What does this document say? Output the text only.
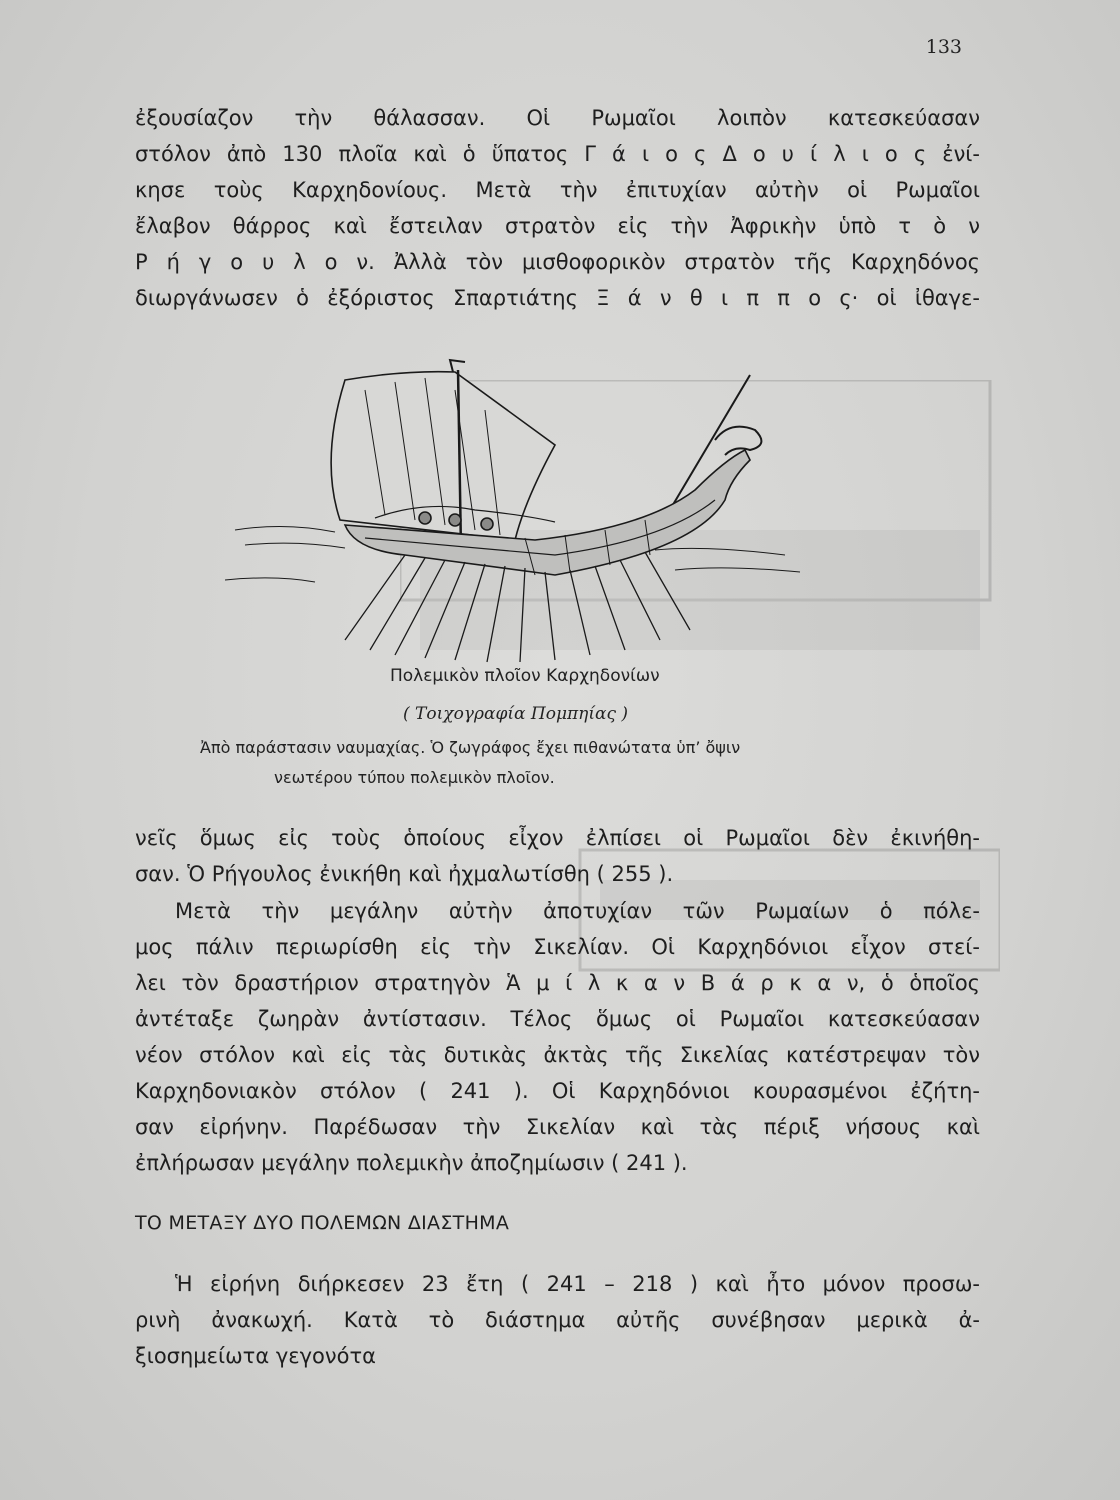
133

ἐξουσίαζον τὴν θάλασσαν. Οἱ Ρωμαῖοι λοιπὸν κατεσκεύασαν
στόλον ἀπὸ 130 πλοῖα καὶ ὁ ὕπατος Γ ά ι ο ς Δ ο υ ί λ ι ο ς ἐνί-
κησε τοὺς Καρχηδονίους. Μετὰ τὴν ἐπιτυχίαν αὐτὴν οἱ Ρωμαῖοι
ἔλαβον θάρρος καὶ ἔστειλαν στρατὸν εἰς τὴν Ἀφρικὴν ὑπὸ τ ὸ ν
Ρ ή γ ο υ λ ο ν. Ἀλλὰ τὸν μισθοφορικὸν στρατὸν τῆς Καρχηδόνος
διωργάνωσεν ὁ ἐξόριστος Σπαρτιάτης Ξ ά ν θ ι π π ο ς· οἱ ἰθαγε-

Πολεμικὸν πλοῖον Καρχηδονίων
( Τοιχογραφία Πομπηίας )
Ἀπὸ παράστασιν ναυμαχίας. Ὁ ζωγράφος ἔχει πιθανώτατα ὑπ’ ὄψιν
νεωτέρου τύπου πολεμικὸν πλοῖον.

νεῖς ὅμως εἰς τοὺς ὁποίους εἶχον ἐλπίσει οἱ Ρωμαῖοι δὲν ἐκινήθη-
σαν. Ὁ Ρήγουλος ἐνικήθη καὶ ἠχμαλωτίσθη ( 255 ).

Μετὰ τὴν μεγάλην αὐτὴν ἀποτυχίαν τῶν Ρωμαίων ὁ πόλε-
μος πάλιν περιωρίσθη εἰς τὴν Σικελίαν. Οἱ Καρχηδόνιοι εἶχον στεί-
λει τὸν δραστήριον στρατηγὸν Ἁ μ ί λ κ α ν Β ά ρ κ α ν, ὁ ὁποῖος
ἀντέταξε ζωηρὰν ἀντίστασιν. Τέλος ὅμως οἱ Ρωμαῖοι κατεσκεύασαν
νέον στόλον καὶ εἰς τὰς δυτικὰς ἀκτὰς τῆς Σικελίας κατέστρεψαν τὸν
Καρχηδονιακὸν στόλον ( 241 ). Οἱ Καρχηδόνιοι κουρασμένοι ἐζήτη-
σαν εἰρήνην. Παρέδωσαν τὴν Σικελίαν καὶ τὰς πέριξ νήσους καὶ
ἐπλήρωσαν μεγάλην πολεμικὴν ἀποζημίωσιν ( 241 ).

ΤΟ ΜΕΤΑΞΥ ΔΥΟ ΠΟΛΕΜΩΝ ΔΙΑΣΤΗΜΑ

Ἡ εἰρήνη διήρκεσεν 23 ἔτη ( 241 – 218 ) καὶ ἦτο μόνον προσω-
ρινὴ ἀνακωχή. Κατὰ τὸ διάστημα αὐτῆς συνέβησαν μερικὰ ἀ-
ξιοσημείωτα γεγονότα
